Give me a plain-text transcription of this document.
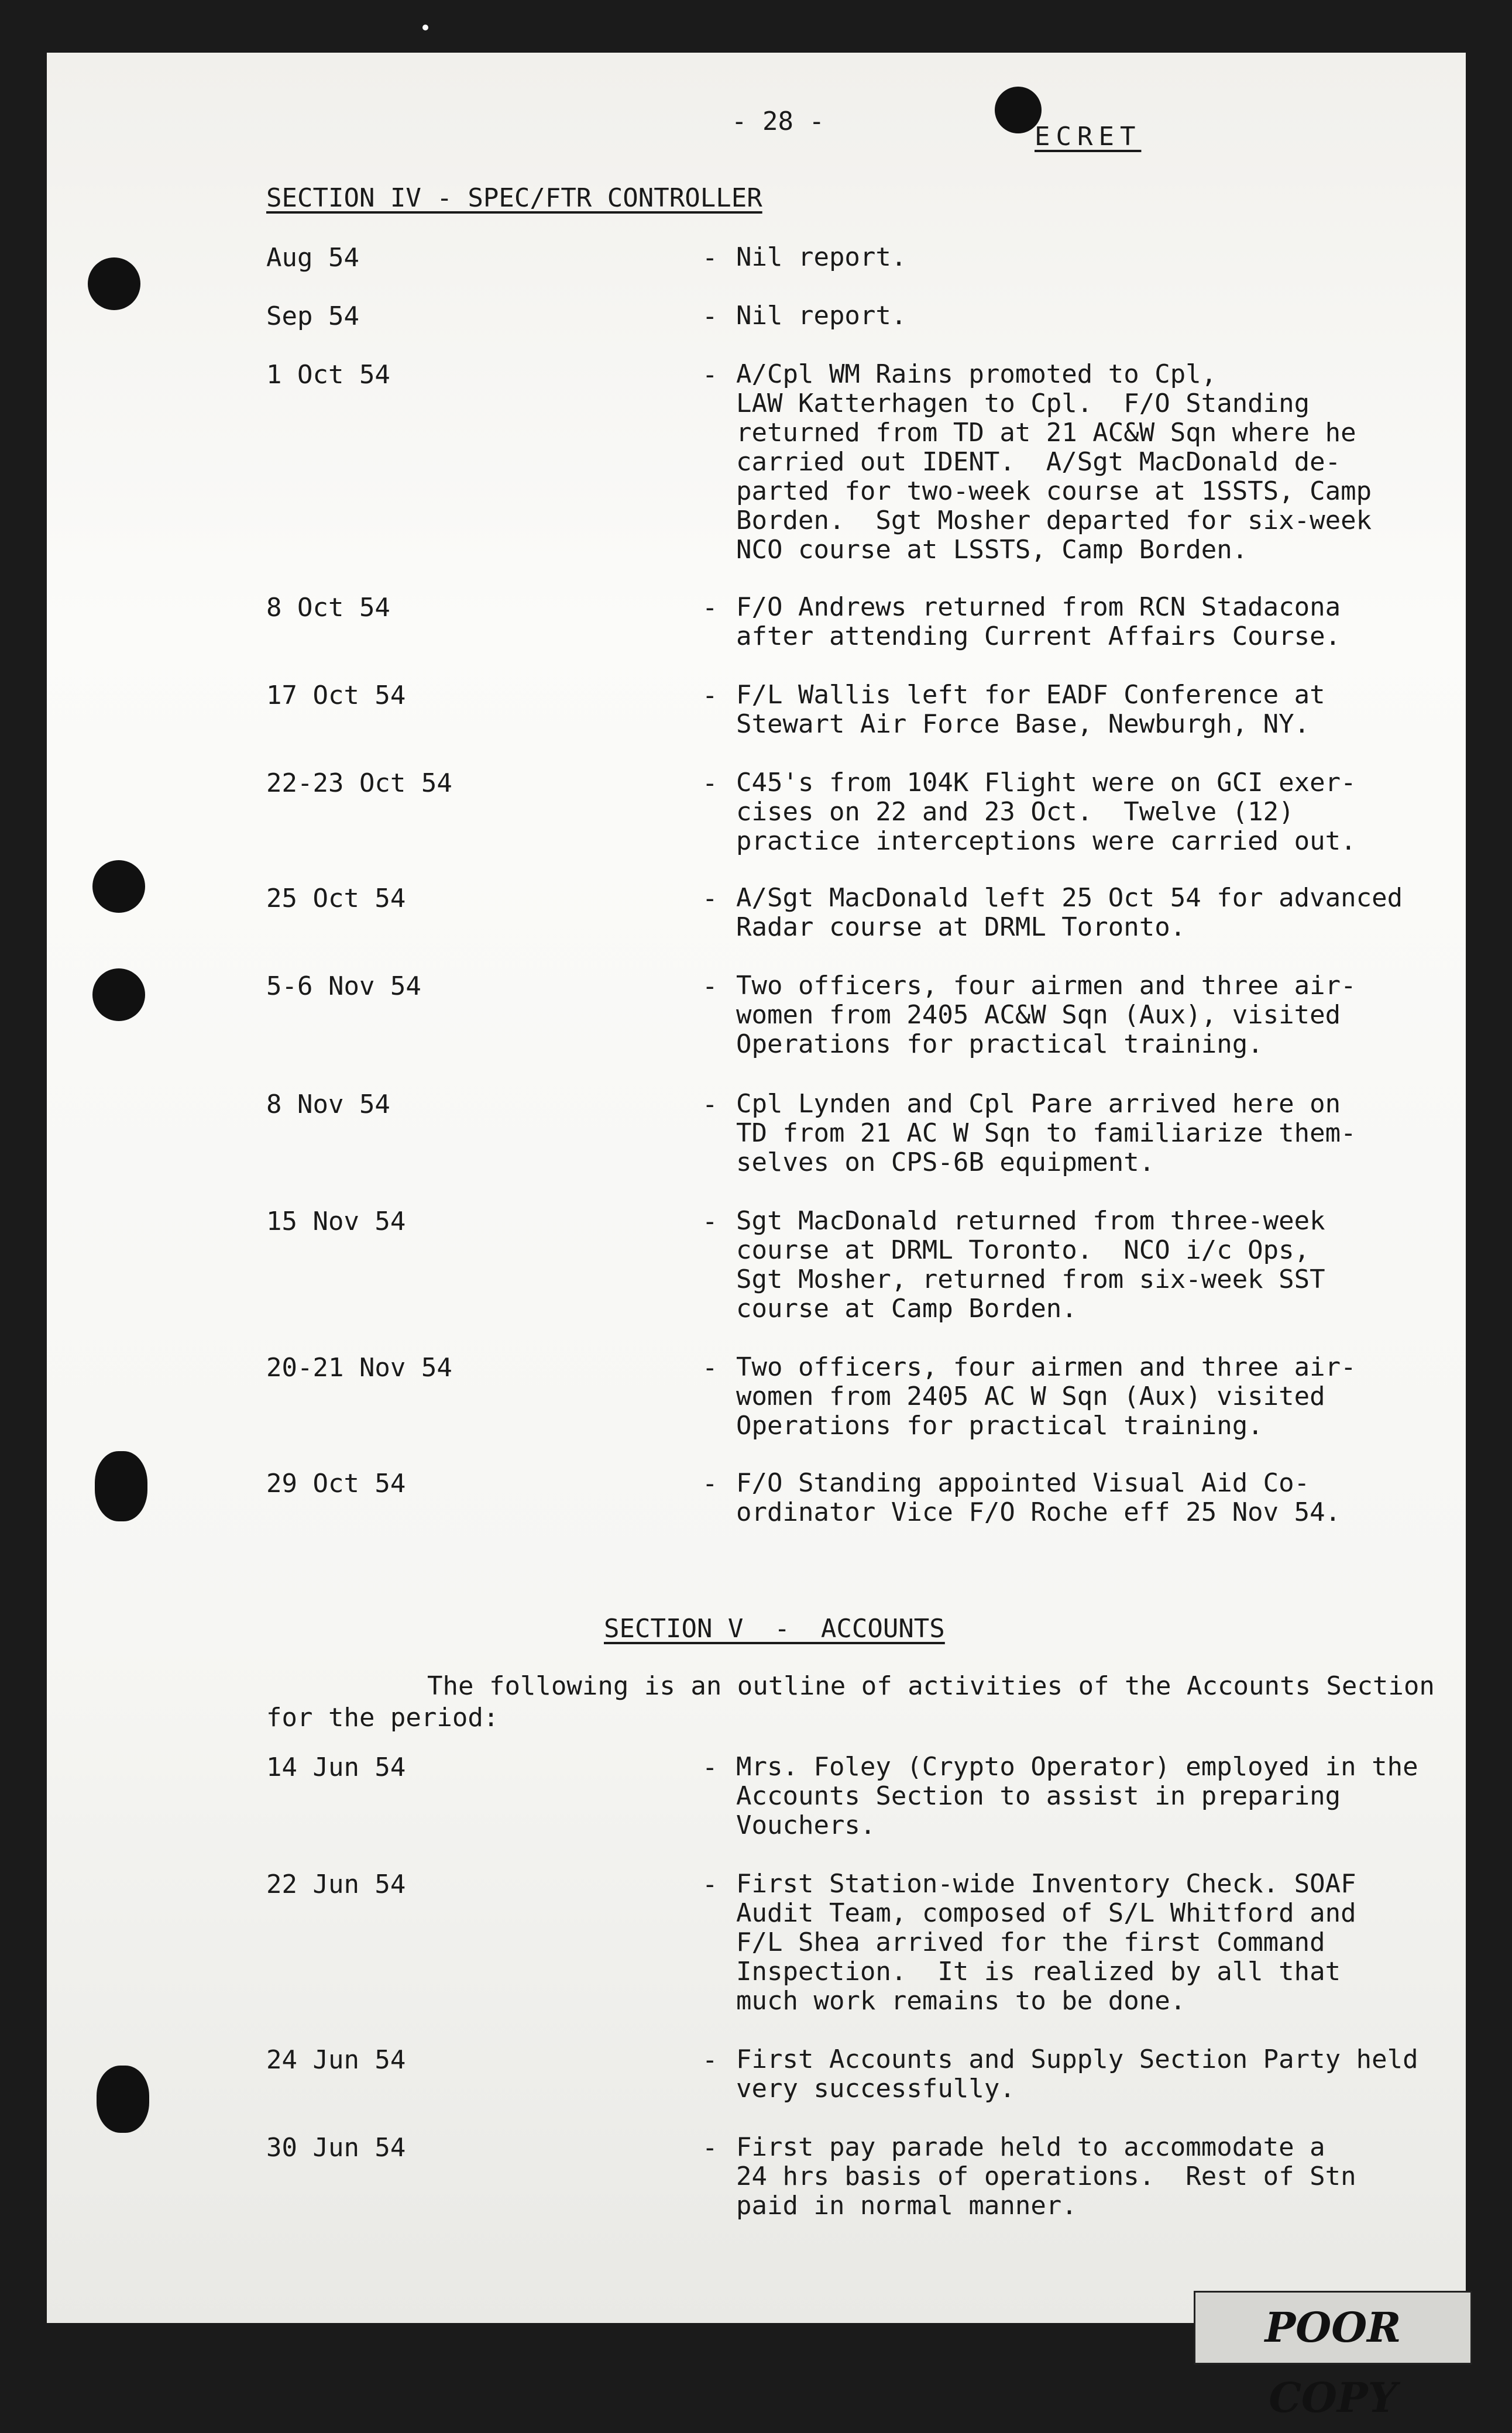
- 28 -
ECRET
SECTION IV - SPEC/FTR CONTROLLER
Aug 54	- Nil report.
Sep 54	- Nil report.
1 Oct 54	- A/Cpl WM Rains promoted to Cpl,
LAW Katterhagen to Cpl.  F/O Standing
returned from TD at 21 AC&W Sqn where he
carried out IDENT.  A/Sgt MacDonald de-
parted for two-week course at 1SSTS, Camp
Borden.  Sgt Mosher departed for six-week
NCO course at LSSTS, Camp Borden.
8 Oct 54	- F/O Andrews returned from RCN Stadacona
after attending Current Affairs Course.
17 Oct 54	- F/L Wallis left for EADF Conference at
Stewart Air Force Base, Newburgh, NY.
22-23 Oct 54	- C45's from 104K Flight were on GCI exer-
cises on 22 and 23 Oct.  Twelve (12)
practice interceptions were carried out.
25 Oct 54	- A/Sgt MacDonald left 25 Oct 54 for advanced
Radar course at DRML Toronto.
5-6 Nov 54	- Two officers, four airmen and three air-
women from 2405 AC&W Sqn (Aux), visited
Operations for practical training.
8 Nov 54	- Cpl Lynden and Cpl Pare arrived here on
TD from 21 AC W Sqn to familiarize them-
selves on CPS-6B equipment.
15 Nov 54	- Sgt MacDonald returned from three-week
course at DRML Toronto.  NCO i/c Ops,
Sgt Mosher, returned from six-week SST
course at Camp Borden.
20-21 Nov 54	- Two officers, four airmen and three air-
women from 2405 AC W Sqn (Aux) visited
Operations for practical training.
29 Oct 54	- F/O Standing appointed Visual Aid Co-
ordinator Vice F/O Roche eff 25 Nov 54.
SECTION V  -  ACCOUNTS
The following is an outline of activities of the Accounts Section
for the period:
14 Jun 54	- Mrs. Foley (Crypto Operator) employed in the
Accounts Section to assist in preparing
Vouchers.
22 Jun 54	- First Station-wide Inventory Check. SOAF
Audit Team, composed of S/L Whitford and
F/L Shea arrived for the first Command
Inspection.  It is realized by all that
much work remains to be done.
24 Jun 54	- First Accounts and Supply Section Party held
very successfully.
30 Jun 54	- First pay parade held to accommodate a
24 hrs basis of operations.  Rest of Stn
paid in normal manner.
POOR COPY
